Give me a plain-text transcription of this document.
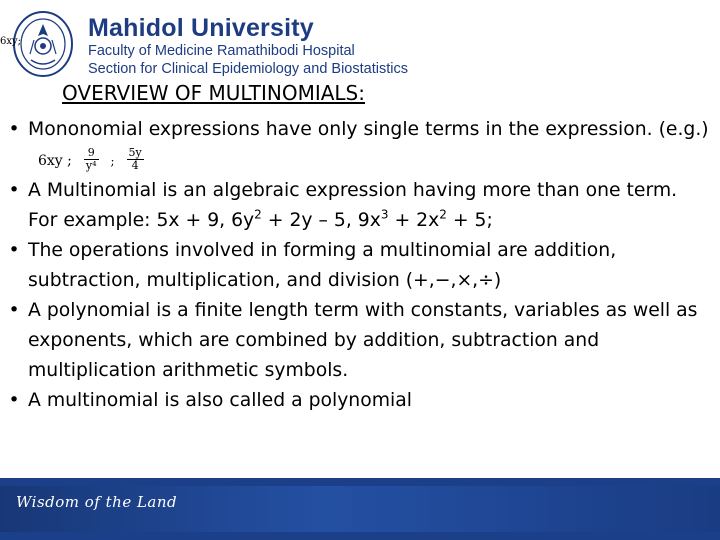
6xy;	Mahidol University
Faculty of Medicine Ramathibodi Hospital
Section for Clinical Epidemiology and Biostatistics
OVERVIEW OF MULTINOMIALS:
• Mononomial expressions have only single terms in the expression. (e.g.) 6xy ; $\frac{9}{\text{y⁴}}$ ; $\frac{5y}{4}$
• A Multinomial is an algebraic expression having more than one term. For example: 5x + 9, $6y^2 + 2y - 5$, $9x^3 + 2x^2 + 5$;
• The operations involved in forming a multinomial are addition, subtraction, multiplication, and division (+,−,×,÷)
• A polynomial is a finite length term with constants, variables as well as exponents, which are combined by addition, subtraction and multiplication arithmetic symbols.
• A multinomial is also called a polynomial
Wisdom of the Land
